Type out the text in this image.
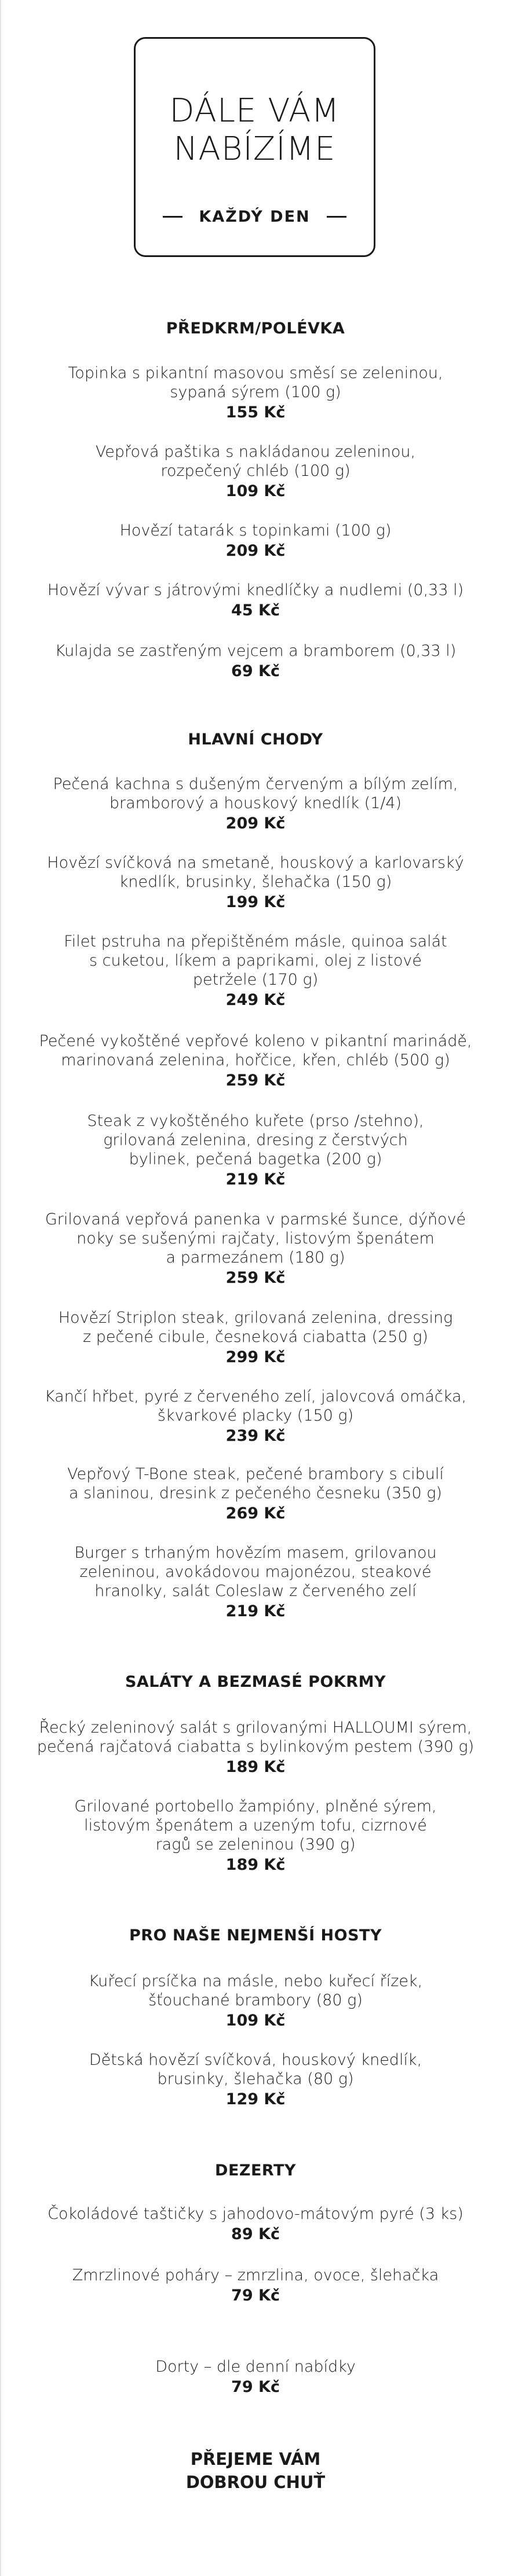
DÁLE VÁM
NABÍZÍME
KAŽDÝ DEN
PŘEDKRM/POLÉVKA
Topinka s pikantní masovou směsí se zeleninou,
sypaná sýrem (100 g)
155 Kč
Vepřová paštika s nakládanou zeleninou,
rozpečený chléb (100 g)
109 Kč
Hovězí tatarák s topinkami (100 g)
209 Kč
Hovězí vývar s játrovými knedlíčky a nudlemi (0,33 l)
45 Kč
Kulajda se zastřeným vejcem a bramborem (0,33 l)
69 Kč
HLAVNÍ CHODY
Pečená kachna s dušeným červeným a bílým zelím,
bramborový a houskový knedlík (1/4)
209 Kč
Hovězí svíčková na smetaně, houskový a karlovarský
knedlík, brusinky, šlehačka (150 g)
199 Kč
Filet pstruha na přepištěném másle, quinoa salát
s cuketou, líkem a paprikami, olej z listové
petržele (170 g)
249 Kč
Pečené vykoštěné vepřové koleno v pikantní marinádě,
marinovaná zelenina, hořčice, křen, chléb (500 g)
259 Kč
Steak z vykoštěného kuřete (prso /stehno),
grilovaná zelenina, dresing z čerstvých
bylinek, pečená bagetka (200 g)
219 Kč
Grilovaná vepřová panenka v parmské šunce, dýňové
noky se sušenými rajčaty, listovým špenátem
a parmezánem (180 g)
259 Kč
Hovězí Striplon steak, grilovaná zelenina, dressing
z pečené cibule, česneková ciabatta (250 g)
299 Kč
Kančí hřbet, pyré z červeného zelí, jalovcová omáčka,
škvarkové placky (150 g)
239 Kč
Vepřový T-Bone steak, pečené brambory s cibulí
a slaninou, dresink z pečeného česneku (350 g)
269 Kč
Burger s trhaným hovězím masem, grilovanou
zeleninou, avokádovou majonézou, steakové
hranolky, salát Coleslaw z červeného zelí
219 Kč
SALÁTY A BEZMASÉ POKRMY
Řecký zeleninový salát s grilovanými HALLOUMI sýrem,
pečená rajčatová ciabatta s bylinkovým pestem (390 g)
189 Kč
Grilované portobello žampióny, plněné sýrem,
listovým špenátem a uzeným tofu, cizrnové
ragů se zeleninou (390 g)
189 Kč
PRO NAŠE NEJMENŠÍ HOSTY
Kuřecí prsíčka na másle, nebo kuřecí řízek,
šťouchané brambory (80 g)
109 Kč
Dětská hovězí svíčková, houskový knedlík,
brusinky, šlehačka (80 g)
129 Kč
DEZERTY
Čokoládové taštičky s jahodovo-mátovým pyré (3 ks)
89 Kč
Zmrzlinové poháry – zmrzlina, ovoce, šlehačka
79 Kč
Dorty – dle denní nabídky
79 Kč
PŘEJEME VÁM
DOBROU CHUŤ
